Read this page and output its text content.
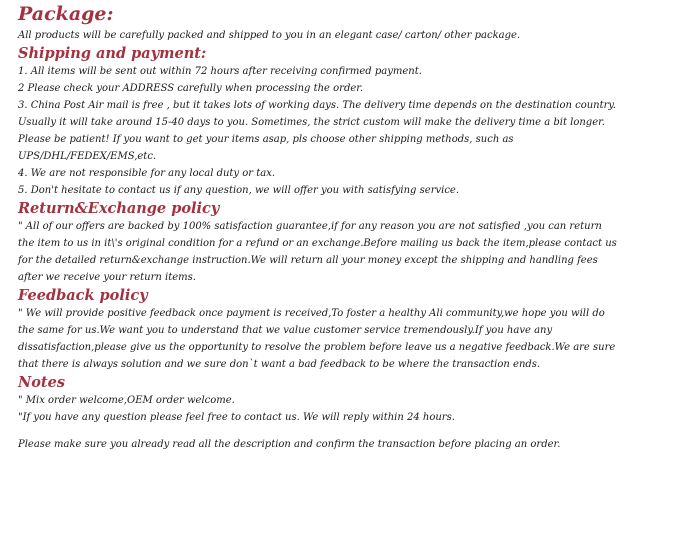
Package:
All products will be carefully packed and shipped to you in an elegant case/ carton/ other package.
Shipping and payment:
1. All items will be sent out within 72 hours after receiving confirmed payment.
2 Please check your ADDRESS carefully when processing the order.
3. China Post Air mail is free , but it takes lots of working days. The delivery time depends on the destination country.
Usually it will take around 15-40 days to you. Sometimes, the strict custom will make the delivery time a bit longer.
Please be patient! If you want to get your items asap, pls choose other shipping methods, such as
UPS/DHL/FEDEX/EMS,etc.
4. We are not responsible for any local duty or tax.
5. Don't hesitate to contact us if any question, we will offer you with satisfying service.
Return&Exchange policy
" All of our offers are backed by 100% satisfaction guarantee,if for any reason you are not satisfied ,you can return
the item to us in it\'s original condition for a refund or an exchange.Before mailing us back the item,please contact us
for the detailed return&exchange instruction.We will return all your money except the shipping and handling fees
after we receive your return items.
Feedback policy
" We will provide positive feedback once payment is received,To foster a healthy Ali community,we hope you will do
the same for us.We want you to understand that we value customer service tremendously.If you have any
dissatisfaction,please give us the opportunity to resolve the problem before leave us a negative feedback.We are sure
that there is always solution and we sure don`t want a bad feedback to be where the transaction ends.
Notes
" Mix order welcome,OEM order welcome.
"If you have any question please feel free to contact us. We will reply within 24 hours.
Please make sure you already read all the description and confirm the transaction before placing an order.
